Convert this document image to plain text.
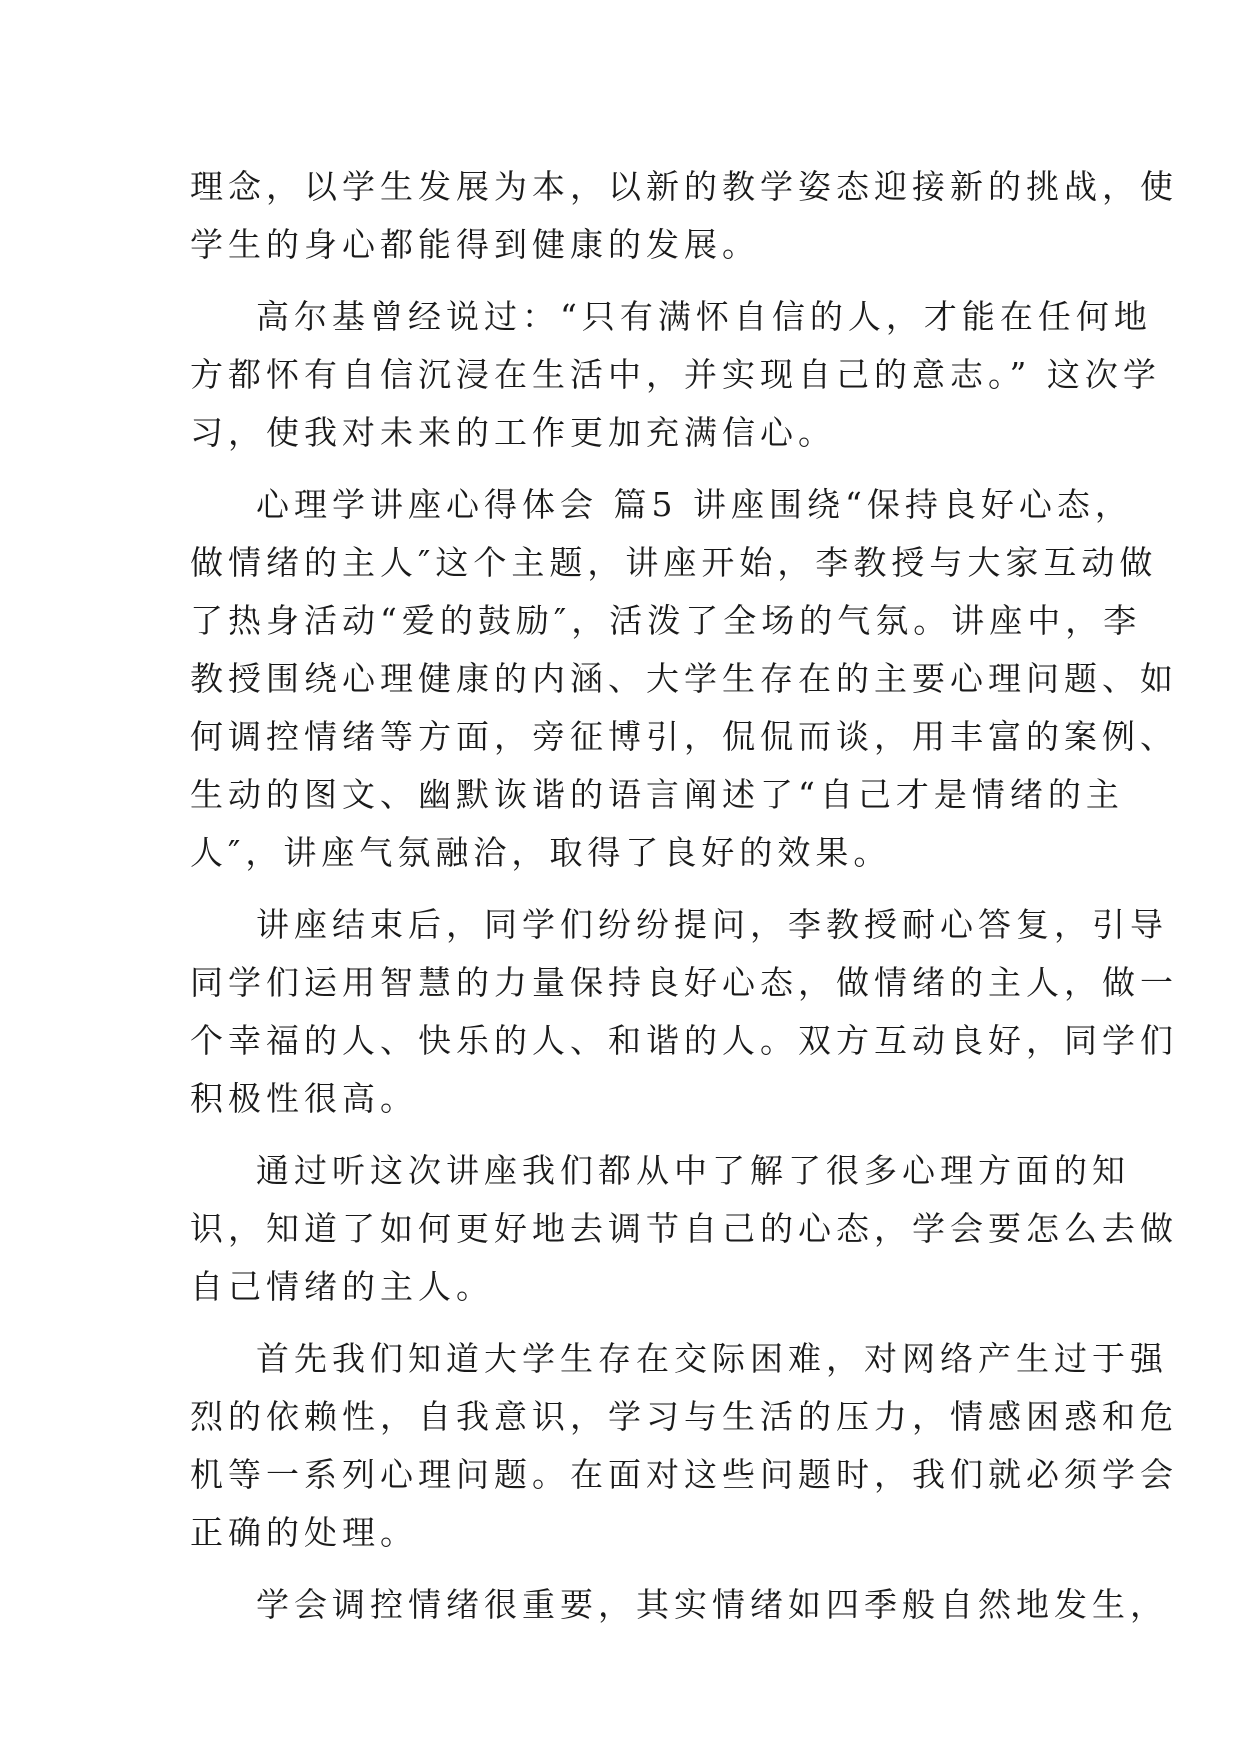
理念，以学生发展为本，以新的教学姿态迎接新的挑战，使
学生的身心都能得到健康的发展。
高尔基曾经说过：“只有满怀自信的人，才能在任何地
方都怀有自信沉浸在生活中，并实现自己的意志。” 这次学
习，使我对未来的工作更加充满信心。
心理学讲座心得体会 篇5 讲座围绕“保持良好心态，
做情绪的主人″这个主题，讲座开始，李教授与大家互动做
了热身活动“爱的鼓励″，活泼了全场的气氛。讲座中，李
教授围绕心理健康的内涵、大学生存在的主要心理问题、如
何调控情绪等方面，旁征博引，侃侃而谈，用丰富的案例、
生动的图文、幽默诙谐的语言阐述了“自己才是情绪的主
人″，讲座气氛融洽，取得了良好的效果。
讲座结束后，同学们纷纷提问，李教授耐心答复，引导
同学们运用智慧的力量保持良好心态，做情绪的主人，做一
个幸福的人、快乐的人、和谐的人。双方互动良好，同学们
积极性很高。
通过听这次讲座我们都从中了解了很多心理方面的知
识，知道了如何更好地去调节自己的心态，学会要怎么去做
自己情绪的主人。
首先我们知道大学生存在交际困难，对网络产生过于强
烈的依赖性，自我意识，学习与生活的压力，情感困惑和危
机等一系列心理问题。在面对这些问题时，我们就必须学会
正确的处理。
学会调控情绪很重要，其实情绪如四季般自然地发生，
